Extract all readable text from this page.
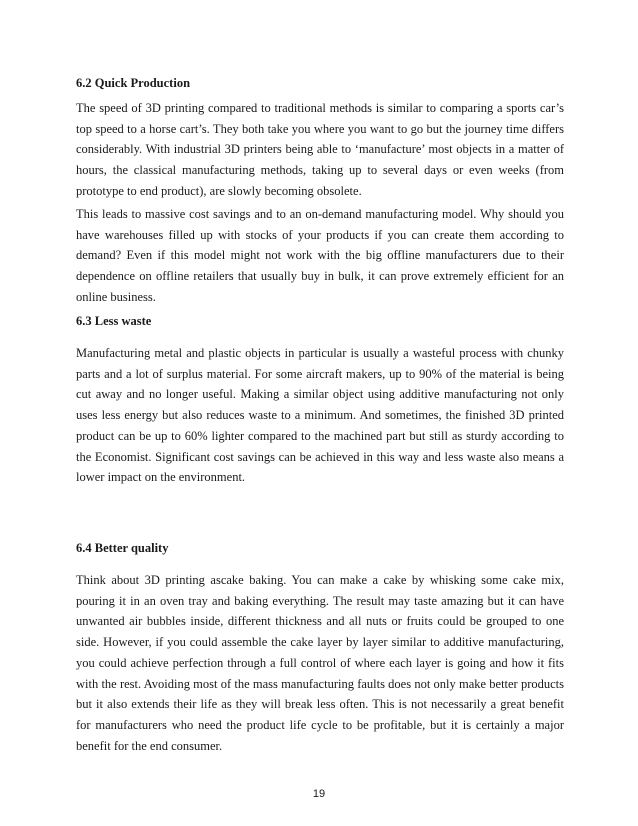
6.2 Quick Production

The speed of 3D printing compared to traditional methods is similar to comparing a sports car’s top speed to a horse cart’s. They both take you where you want to go but the journey time differs considerably. With industrial 3D printers being able to ‘manufacture’ most objects in a matter of hours, the classical manufacturing methods, taking up to several days or even weeks (from prototype to end product), are slowly becoming obsolete.

This leads to massive cost savings and to an on-demand manufacturing model. Why should you have warehouses filled up with stocks of your products if you can create them according to demand? Even if this model might not work with the big offline manufacturers due to their dependence on offline retailers that usually buy in bulk, it can prove extremely efficient for an online business.

6.3 Less waste

Manufacturing metal and plastic objects in particular is usually a wasteful process with chunky parts and a lot of surplus material. For some aircraft makers, up to 90% of the material is being cut away and no longer useful. Making a similar object using additive manufacturing not only uses less energy but also reduces waste to a minimum. And sometimes, the finished 3D printed product can be up to 60% lighter compared to the machined part but still as sturdy according to the Economist. Significant cost savings can be achieved in this way and less waste also means a lower impact on the environment.

6.4 Better quality

Think about 3D printing ascake baking. You can make a cake by whisking some cake mix, pouring it in an oven tray and baking everything. The result may taste amazing but it can have unwanted air bubbles inside, different thickness and all nuts or fruits could be grouped to one side. However, if you could assemble the cake layer by layer similar to additive manufacturing, you could achieve perfection through a full control of where each layer is going and how it fits with the rest. Avoiding most of the mass manufacturing faults does not only make better products but it also extends their life as they will break less often. This is not necessarily a great benefit for manufacturers who need the product life cycle to be profitable, but it is certainly a major benefit for the end consumer.

19
